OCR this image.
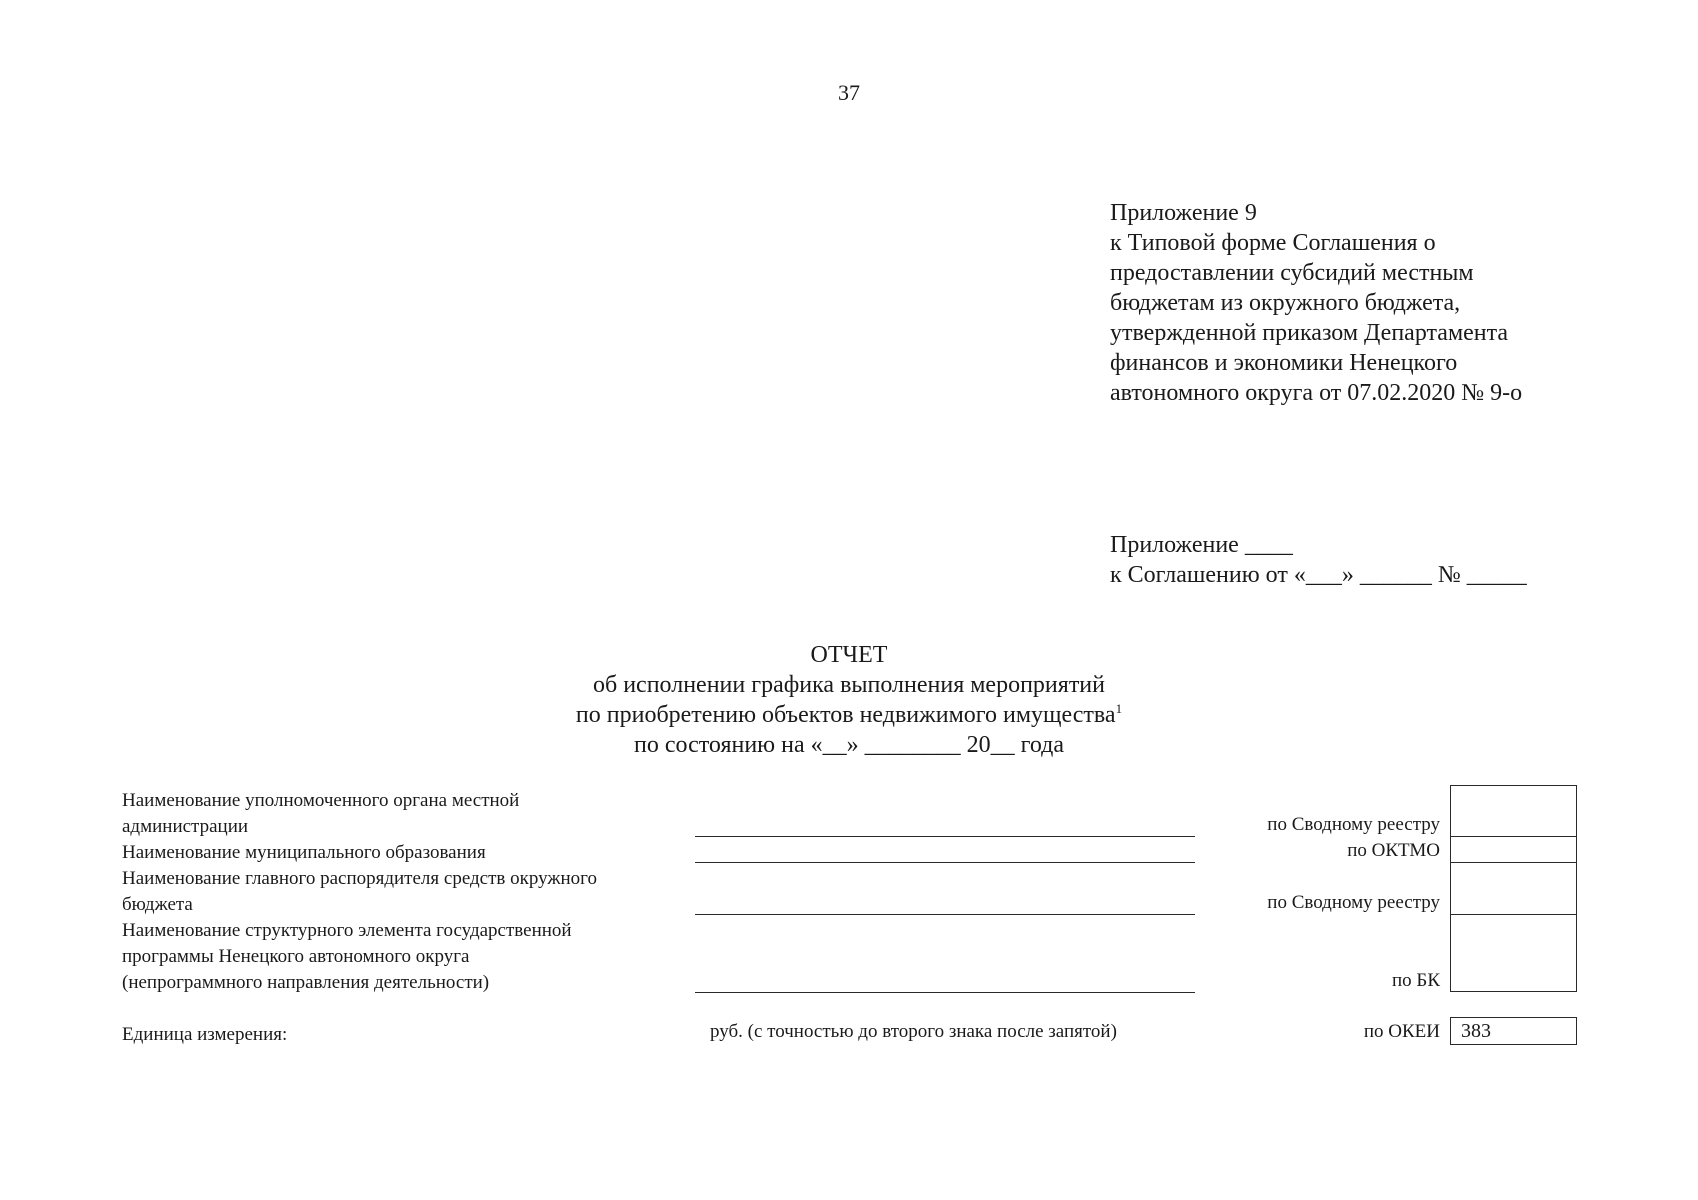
37
Приложение 9
к Типовой форме Соглашения о
предоставлении субсидий местным
бюджетам из окружного бюджета,
утвержденной приказом Департамента
финансов и экономики Ненецкого
автономного округа от 07.02.2020 № 9-о
Приложение ____
к Соглашению от «___» ______ № _____
ОТЧЕТ
об исполнении графика выполнения мероприятий
по приобретению объектов недвижимого имущества$^1$
по состоянию на «__» ________ 20__ года
Наименование уполномоченного органа местной
администрации
Наименование муниципального образования
Наименование главного распорядителя средств окружного
бюджета
Наименование структурного элемента государственной
программы Ненецкого автономного округа
(непрограммного направления деятельности)
Единица измерения:	руб. (с точностью до второго знака после запятой)
по Сводному реестру
по ОКТМО
по Сводному реестру
по БК
по ОКЕИ	383
